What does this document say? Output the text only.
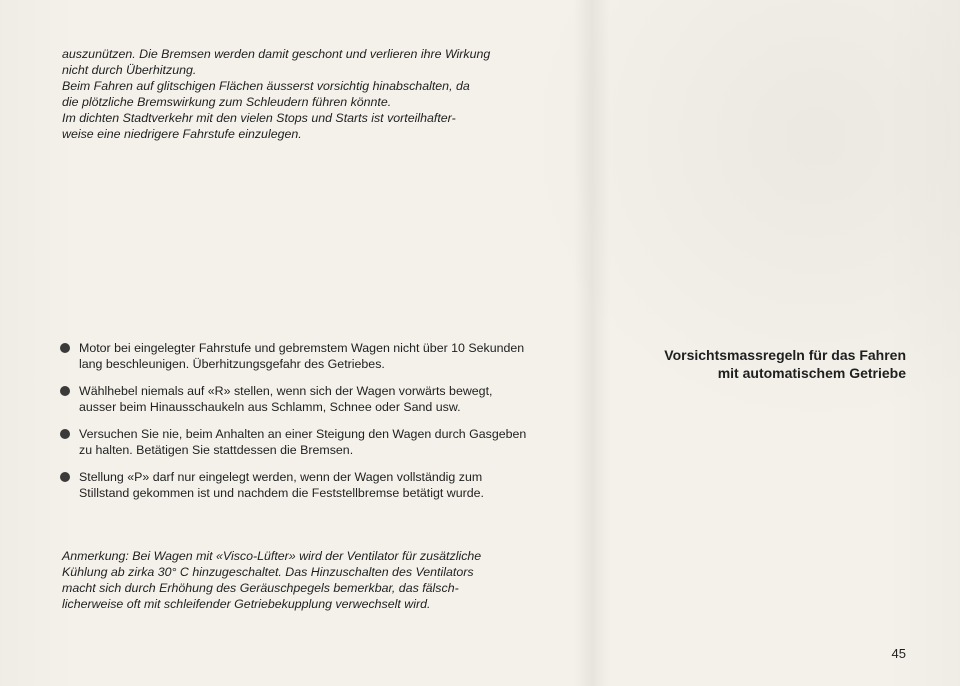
auszunützen. Die Bremsen werden damit geschont und verlieren ihre Wirkung

nicht durch Überhitzung.

Beim Fahren auf glitschigen Flächen äusserst vorsichtig hinabschalten, da

die plötzliche Bremswirkung zum Schleudern führen könnte.

Im dichten Stadtverkehr mit den vielen Stops und Starts ist vorteilhafter-

weise eine niedrigere Fahrstufe einzulegen.

Motor bei eingelegter Fahrstufe und gebremstem Wagen nicht über 10 Sekunden lang beschleunigen. Überhitzungsgefahr des Getriebes.
Wählhebel niemals auf «R» stellen, wenn sich der Wagen vorwärts bewegt, ausser beim Hinausschaukeln aus Schlamm, Schnee oder Sand usw.
Versuchen Sie nie, beim Anhalten an einer Steigung den Wagen durch Gasgeben zu halten. Betätigen Sie stattdessen die Bremsen.
Stellung «P» darf nur eingelegt werden, wenn der Wagen vollständig zum Stillstand gekommen ist und nachdem die Feststellbremse betätigt wurde.
Anmerkung: Bei Wagen mit «Visco-Lüfter» wird der Ventilator für zusätzliche
Kühlung ab zirka 30° C hinzugeschaltet. Das Hinzuschalten des Ventilators
macht sich durch Erhöhung des Geräuschpegels bemerkbar, das fälsch-
licherweise oft mit schleifender Getriebekupplung verwechselt wird.
Vorsichtsmassregeln für das Fahren
mit automatischem Getriebe
45
